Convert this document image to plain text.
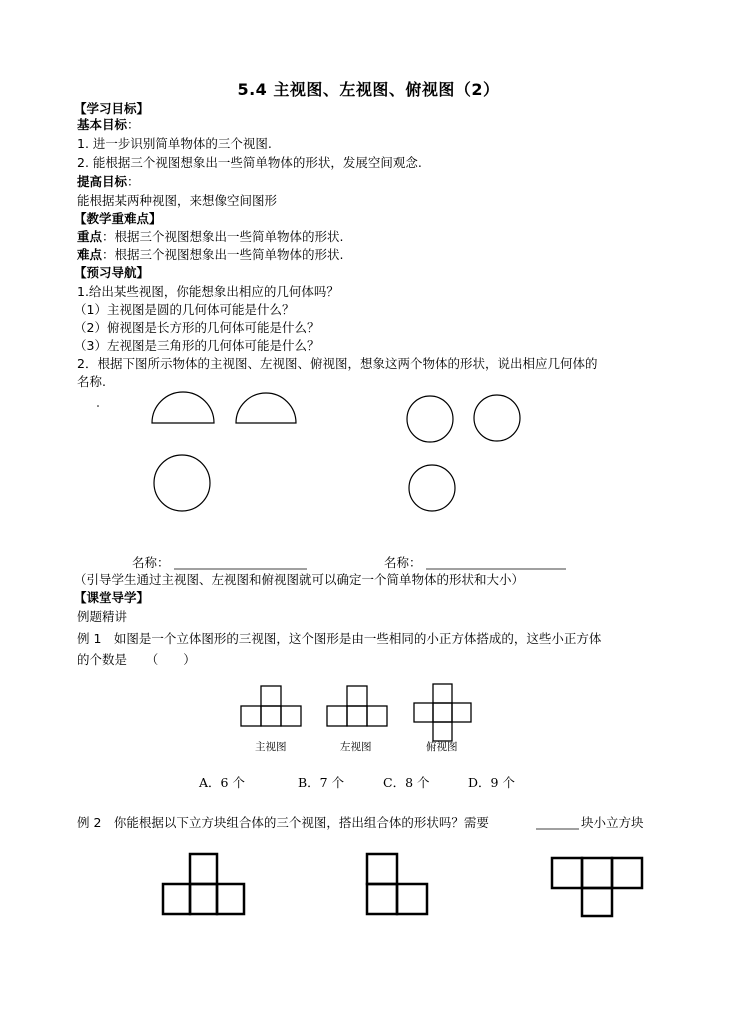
5.4 主视图、左视图、俯视图（2）
【学习目标】
基本目标：
1. 进一步识别简单物体的三个视图.
2. 能根据三个视图想象出一些简单物体的形状，发展空间观念.
提高目标：
能根据某两种视图，来想像空间图形
【教学重难点】
重点：根据三个视图想象出一些简单物体的形状.
难点：根据三个视图想象出一些简单物体的形状.
【预习导航】
1.给出某些视图，你能想象出相应的几何体吗？
（1）主视图是圆的几何体可能是什么？
（2）俯视图是长方形的几何体可能是什么？
（3）左视图是三角形的几何体可能是什么？
2．根据下图所示物体的主视图、左视图、俯视图，想象这两个物体的形状，说出相应几何体的
名称.
名称：	名称：
（引导学生通过主视图、左视图和俯视图就可以确定一个简单物体的形状和大小）
【课堂导学】
例题精讲
例 1　如图是一个立体图形的三视图，这个图形是由一些相同的小正方体搭成的，这些小正方体
的个数是　　（　　）
主视图	左视图	俯视图
A．6 个	B．7 个	C．8 个	D．9 个
例 2　你能根据以下立方块组合体的三个视图，搭出组合体的形状吗？需要	块小立方块
